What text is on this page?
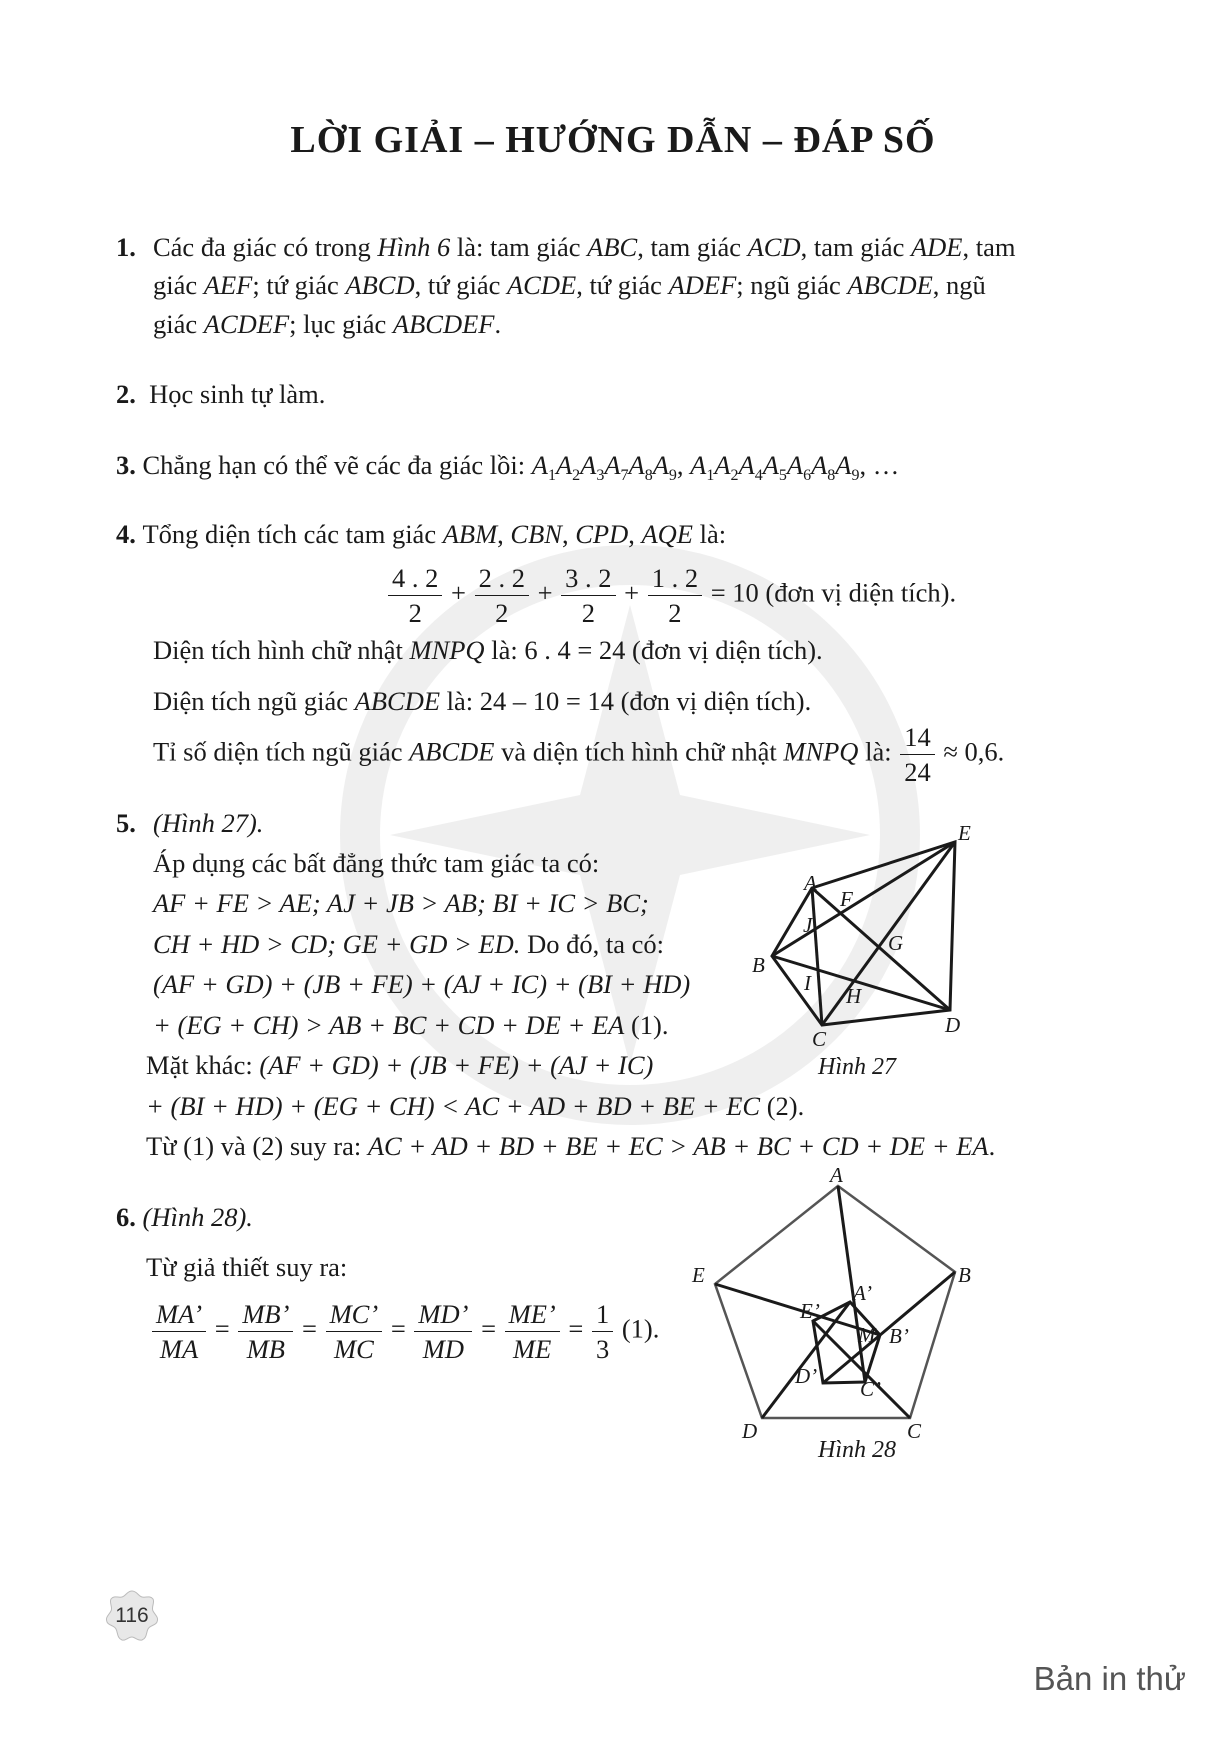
LỜI GIẢI – HƯỚNG DẪN – ĐÁP SỐ
1. Các đa giác có trong Hình 6 là: tam giác ABC, tam giác ACD, tam giác ADE, tam
giác AEF; tứ giác ABCD, tứ giác ACDE, tứ giác ADEF; ngũ giác ABCDE, ngũ
giác ACDEF; lục giác ABCDEF.
2. Học sinh tự làm.
3. Chẳng hạn có thể vẽ các đa giác lồi: $A_1A_2A_3A_7A_8A_9$, $A_1A_2A_4A_5A_6A_8A_9$, …
4. Tổng diện tích các tam giác ABM, CBN, CPD, AQE là:
$\frac{4 . 2}{2} + \frac{2 . 2}{2} + \frac{3 . 2}{2} + \frac{1 . 2}{2} = 10$ (đơn vị diện tích).
Diện tích hình chữ nhật MNPQ là: 6 . 4 = 24 (đơn vị diện tích).
Diện tích ngũ giác ABCDE là: 24 – 10 = 14 (đơn vị diện tích).
Tỉ số diện tích ngũ giác ABCDE và diện tích hình chữ nhật MNPQ là: $\frac{14}{24} \approx 0,6$.
5. (Hình 27).
Áp dụng các bất đẳng thức tam giác ta có:
AF + FE > AE; AJ + JB > AB; BI + IC > BC;
CH + HD > CD; GE + GD > ED. Do đó, ta có:
(AF + GD) + (JB + FE) + (AJ + IC) + (BI + HD)
+ (EG + CH) > AB + BC + CD + DE + EA (1).
Mặt khác: (AF + GD) + (JB + FE) + (AJ + IC)
+ (BI + HD) + (EG + CH) < AC + AD + BD + BE + EC (2).
Từ (1) và (2) suy ra: AC + AD + BD + BE + EC > AB + BC + CD + DE + EA.
A
E
B
C
D
F
G
H
I
J
Hình 27
6. (Hình 28).
Từ giả thiết suy ra:
$\frac{MA’}{MA} = \frac{MB’}{MB} = \frac{MC’}{MC} = \frac{MD’}{MD} = \frac{ME’}{ME} = \frac{1}{3} (1)$.
A
B
C
D
E
A’
B’
C’
D’
E’
M
Hình 28
116
Bản in thử
